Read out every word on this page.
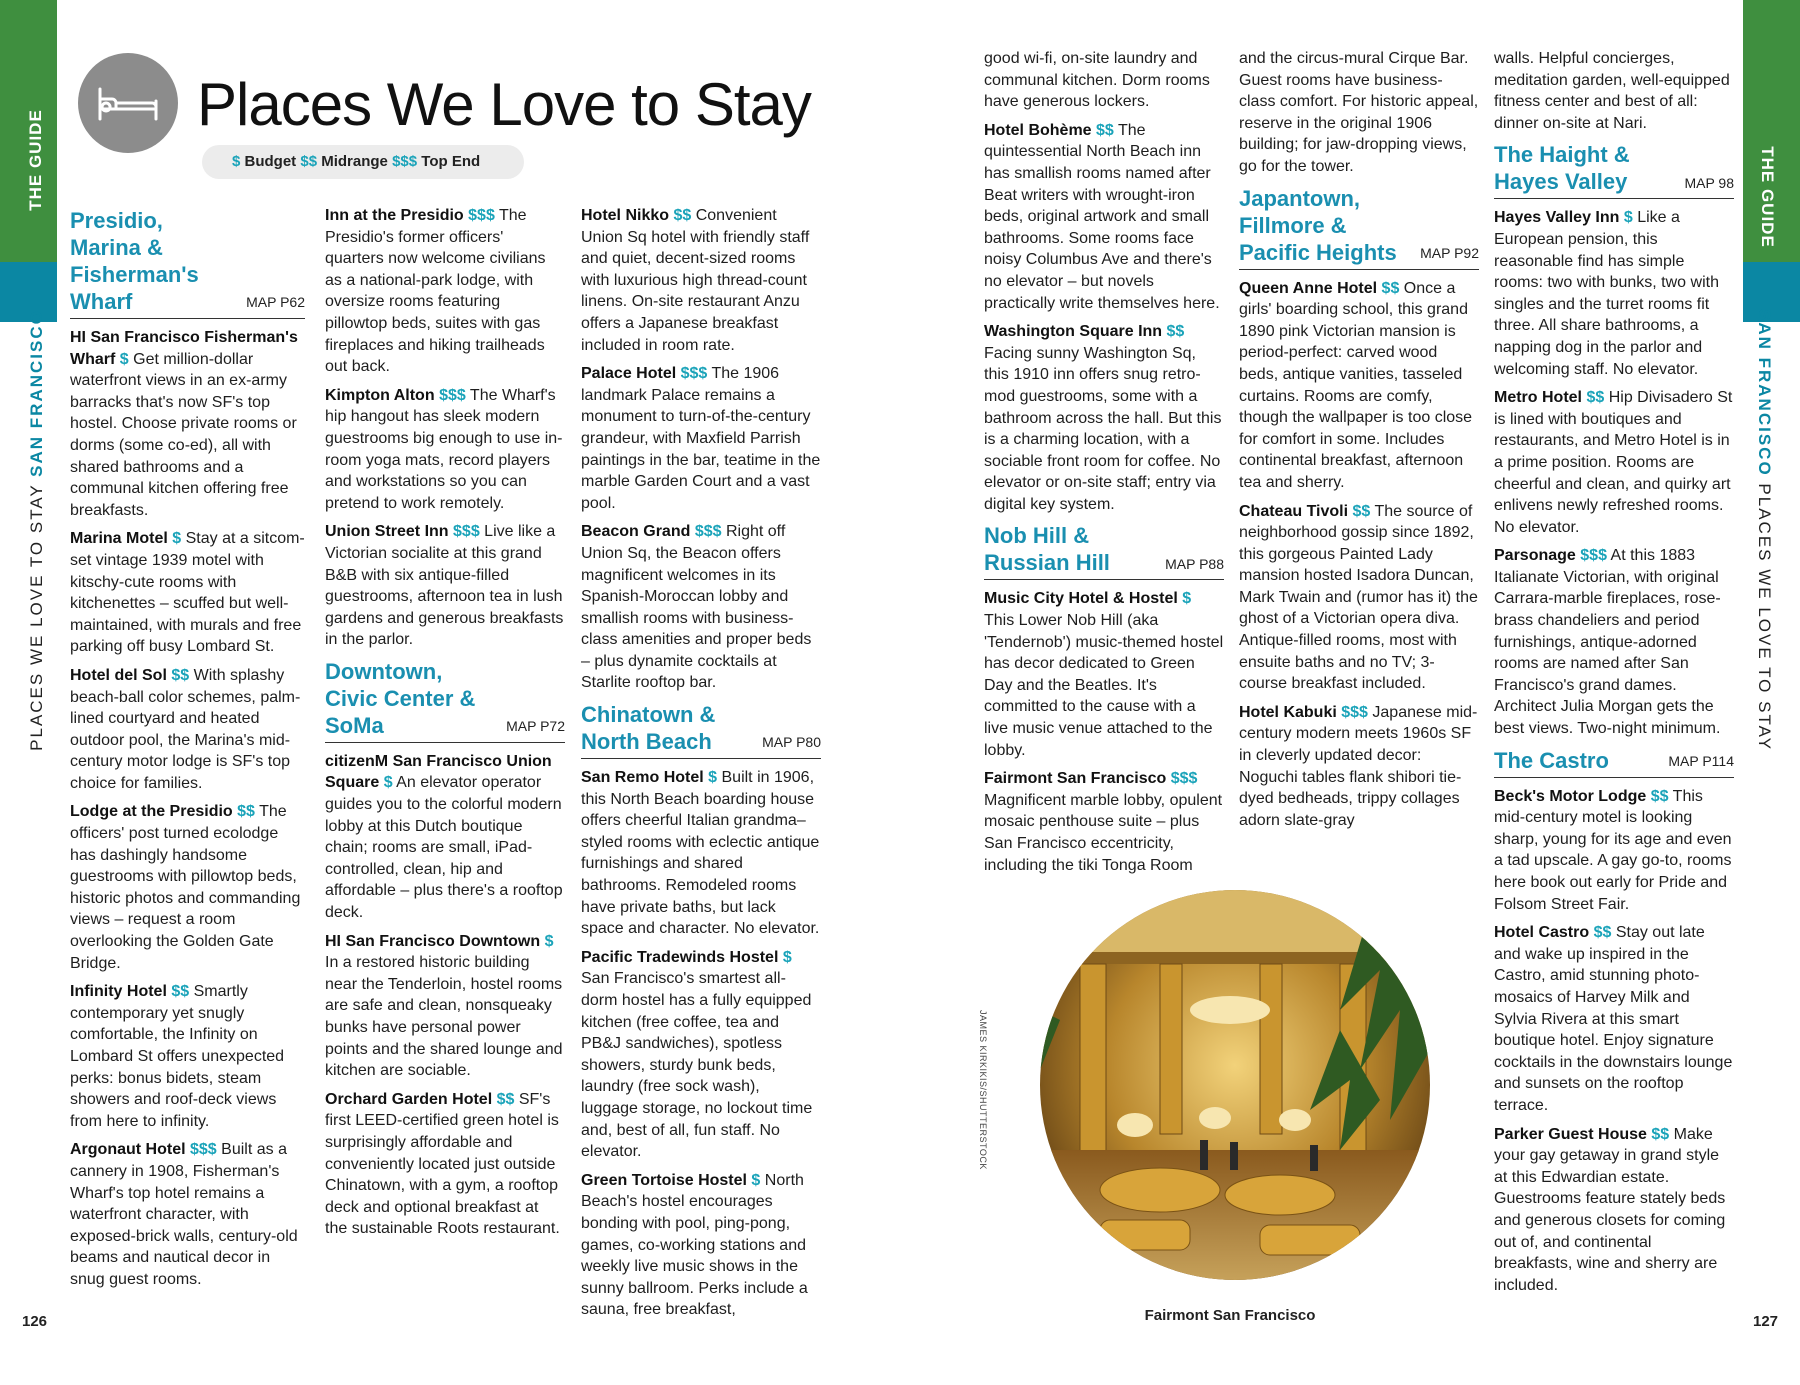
THE GUIDE	THE GUIDE
PLACES WE LOVE TO STAY SAN FRANCISCO	SAN FRANCISCO PLACES WE LOVE TO STAY
Places We Love to Stay
$ Budget $$ Midrange $$$ Top End
Presidio, Marina & Fisherman's Wharf	MAP P62

HI San Francisco Fisherman's Wharf $ Get million-dollar waterfront views in an ex-army barracks that's now SF's top hostel. Choose private rooms or dorms (some co-ed), all with shared bathrooms and a communal kitchen offering free breakfasts.

Marina Motel $ Stay at a sitcom-set vintage 1939 motel with kitschy-cute rooms with kitchenettes – scuffed but well-maintained, with murals and free parking off busy Lombard St.

Hotel del Sol $$ With splashy beach-ball color schemes, palm-lined courtyard and heated outdoor pool, the Marina's mid-century motor lodge is SF's top choice for families.

Lodge at the Presidio $$ The officers' post turned ecolodge has dashingly handsome guestrooms with pillowtop beds, historic photos and commanding views – request a room overlooking the Golden Gate Bridge.

Infinity Hotel $$ Smartly contemporary yet snugly comfortable, the Infinity on Lombard St offers unexpected perks: bonus bidets, steam showers and roof-deck views from here to infinity.

Argonaut Hotel $$$ Built as a cannery in 1908, Fisherman's Wharf's top hotel remains a waterfront character, with exposed-brick walls, century-old beams and nautical decor in snug guest rooms.

Inn at the Presidio $$$ The Presidio's former officers' quarters now welcome civilians as a national-park lodge, with oversize rooms featuring pillowtop beds, suites with gas fireplaces and hiking trailheads out back.

Kimpton Alton $$$ The Wharf's hip hangout has sleek modern guestrooms big enough to use in-room yoga mats, record players and workstations so you can pretend to work remotely.

Union Street Inn $$$ Live like a Victorian socialite at this grand B&B with six antique-filled guestrooms, afternoon tea in lush gardens and generous breakfasts in the parlor.

Downtown, Civic Center & SoMa	MAP P72

citizenM San Francisco Union Square $ An elevator operator guides you to the colorful modern lobby at this Dutch boutique chain; rooms are small, iPad-controlled, clean, hip and affordable – plus there's a rooftop deck.

HI San Francisco Downtown $ In a restored historic building near the Tenderloin, hostel rooms are safe and clean, nonsqueaky bunks have personal power points and the shared lounge and kitchen are sociable.

Orchard Garden Hotel $$ SF's first LEED-certified green hotel is surprisingly affordable and conveniently located just outside Chinatown, with a gym, a rooftop deck and optional breakfast at the sustainable Roots restaurant.

Hotel Nikko $$ Convenient Union Sq hotel with friendly staff and quiet, decent-sized rooms with luxurious high thread-count linens. On-site restaurant Anzu offers a Japanese breakfast included in room rate.

Palace Hotel $$$ The 1906 landmark Palace remains a monument to turn-of-the-century grandeur, with Maxfield Parrish paintings in the bar, teatime in the marble Garden Court and a vast pool.

Beacon Grand $$$ Right off Union Sq, the Beacon offers magnificent welcomes in its Spanish-Moroccan lobby and smallish rooms with business-class amenities and proper beds – plus dynamite cocktails at Starlite rooftop bar.

Chinatown & North Beach	MAP P80

San Remo Hotel $ Built in 1906, this North Beach boarding house offers cheerful Italian grandma–styled rooms with eclectic antique furnishings and shared bathrooms. Remodeled rooms have private baths, but lack space and character. No elevator.

Pacific Tradewinds Hostel $ San Francisco's smartest all-dorm hostel has a fully equipped kitchen (free coffee, tea and PB&J sandwiches), spotless showers, sturdy bunk beds, laundry (free sock wash), luggage storage, no lockout time and, best of all, fun staff. No elevator.

Green Tortoise Hostel $ North Beach's hostel encourages bonding with pool, ping-pong, games, co-working stations and weekly live music shows in the sunny ballroom. Perks include a sauna, free breakfast,

good wi-fi, on-site laundry and communal kitchen. Dorm rooms have generous lockers.

Hotel Bohème $$ The quintessential North Beach inn has smallish rooms named after Beat writers with wrought-iron beds, original artwork and small bathrooms. Some rooms face noisy Columbus Ave and there's no elevator – but novels practically write themselves here.

Washington Square Inn $$ Facing sunny Washington Sq, this 1910 inn offers snug retro-mod guestrooms, some with a bathroom across the hall. But this is a charming location, with a sociable front room for coffee. No elevator or on-site staff; entry via digital key system.

Nob Hill & Russian Hill	MAP P88

Music City Hotel & Hostel $ This Lower Nob Hill (aka 'Tendernob') music-themed hostel has decor dedicated to Green Day and the Beatles. It's committed to the cause with a live music venue attached to the lobby.

Fairmont San Francisco $$$ Magnificent marble lobby, opulent mosaic penthouse suite – plus San Francisco eccentricity, including the tiki Tonga Room

and the circus-mural Cirque Bar. Guest rooms have business-class comfort. For historic appeal, reserve in the original 1906 building; for jaw-dropping views, go for the tower.

Japantown, Fillmore & Pacific Heights	MAP P92

Queen Anne Hotel $$ Once a girls' boarding school, this grand 1890 pink Victorian mansion is period-perfect: carved wood beds, antique vanities, tasseled curtains. Rooms are comfy, though the wallpaper is too close for comfort in some. Includes continental breakfast, afternoon tea and sherry.

Chateau Tivoli $$ The source of neighborhood gossip since 1892, this gorgeous Painted Lady mansion hosted Isadora Duncan, Mark Twain and (rumor has it) the ghost of a Victorian opera diva. Antique-filled rooms, most with ensuite baths and no TV; 3-course breakfast included.

Hotel Kabuki $$$ Japanese mid-century modern meets 1960s SF in cleverly updated decor: Noguchi tables flank shibori tie-dyed bedheads, trippy collages adorn slate-gray

walls. Helpful concierges, meditation garden, well-equipped fitness center and best of all: dinner on-site at Nari.

The Haight & Hayes Valley	MAP 98

Hayes Valley Inn $ Like a European pension, this reasonable find has simple rooms: two with bunks, two with singles and the turret rooms fit three. All share bathrooms, a napping dog in the parlor and welcoming staff. No elevator.

Metro Hotel $$ Hip Divisadero St is lined with boutiques and restaurants, and Metro Hotel is in a prime position. Rooms are cheerful and clean, and quirky art enlivens newly refreshed rooms. No elevator.

Parsonage $$$ At this 1883 Italianate Victorian, with original Carrara-marble fireplaces, rose-brass chandeliers and period furnishings, antique-adorned rooms are named after San Francisco's grand dames. Architect Julia Morgan gets the best views. Two-night minimum.

The Castro	MAP P114

Beck's Motor Lodge $$ This mid-century motel is looking sharp, young for its age and even a tad upscale. A gay go-to, rooms here book out early for Pride and Folsom Street Fair.

Hotel Castro $$ Stay out late and wake up inspired in the Castro, amid stunning photo-mosaics of Harvey Milk and Sylvia Rivera at this smart boutique hotel. Enjoy signature cocktails in the downstairs lounge and sunsets on the rooftop terrace.

Parker Guest House $$ Make your gay getaway in grand style at this Edwardian estate. Guestrooms feature stately beds and generous closets for coming out of, and continental breakfasts, wine and sherry are included.

Fairmont San Francisco
JAMES KIRKIKIS/SHUTTERSTOCK
126	127
